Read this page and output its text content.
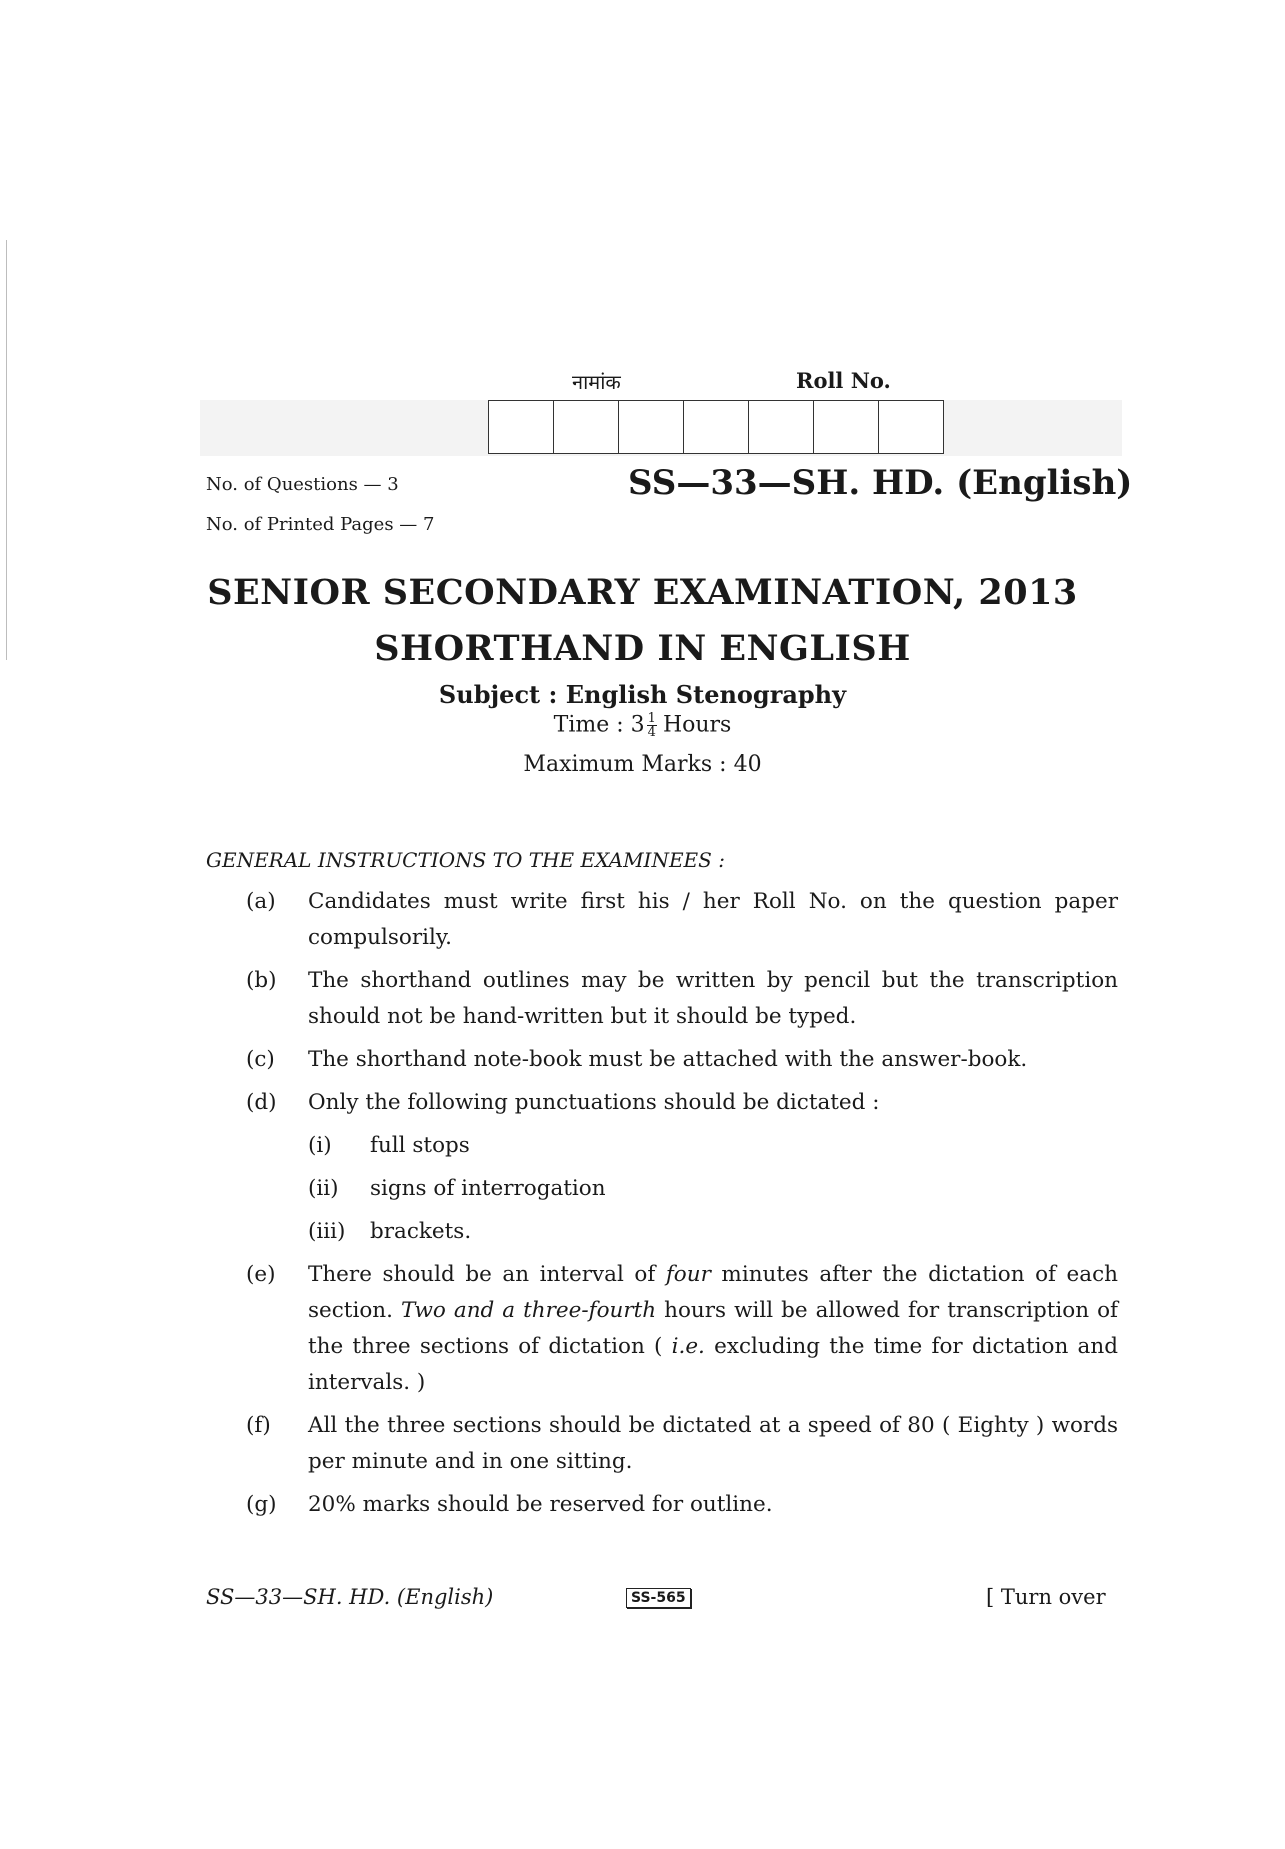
नामांक	Roll No.
No. of Questions — 3
No. of Printed Pages — 7
SS—33—SH. HD. (English)
SENIOR SECONDARY EXAMINATION, 2013
SHORTHAND IN ENGLISH
Subject : English Stenography
Time : $3 \frac{1}{4}$ Hours
Maximum Marks : 40
GENERAL INSTRUCTIONS TO THE EXAMINEES :
(a)	Candidates must write first his / her Roll No. on the question paper compulsorily.
(b)	The shorthand outlines may be written by pencil but the transcription should not be hand-written but it should be typed.
(c)	The shorthand note-book must be attached with the answer-book.
(d)	Only the following punctuations should be dictated :
(i)	full stops
(ii)	signs of interrogation
(iii)	brackets.
(e)	There should be an interval of four minutes after the dictation of each section. Two and a three-fourth hours will be allowed for transcription of the three sections of dictation ( i.e. excluding the time for dictation and intervals. )
(f)	All the three sections should be dictated at a speed of 80 ( Eighty ) words per minute and in one sitting.
(g)	20% marks should be reserved for outline.
SS—33—SH. HD. (English)	SS-565	[ Turn over
